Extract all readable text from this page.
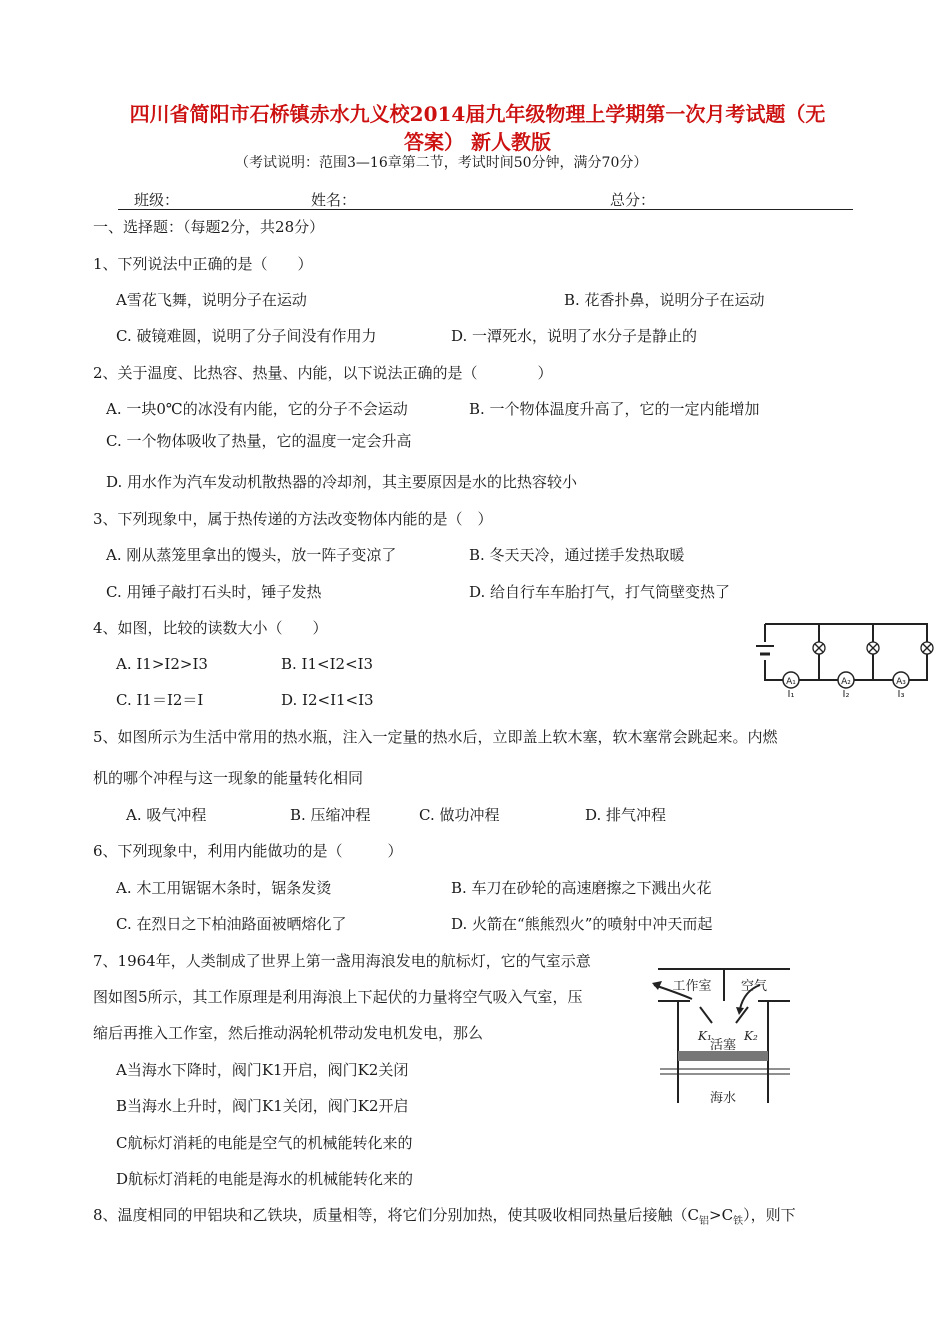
四川省简阳市石桥镇赤水九义校2014届九年级物理上学期第一次月考试题（无
答案） 新人教版
（考试说明：范围3—16章第二节，考试时间50分钟，满分70分）
班级：	姓名：	总分：
一、选择题：（每题2分，共28分）
1、下列说法中正确的是（　　）
A雪花飞舞，说明分子在运动	B. 花香扑鼻，说明分子在运动
C. 破镜难圆，说明了分子间没有作用力	D. 一潭死水，说明了水分子是静止的
2、关于温度、比热容、热量、内能，以下说法正确的是（　　　　）
A. 一块0℃的冰没有内能，它的分子不会运动	B. 一个物体温度升高了，它的一定内能增加
C. 一个物体吸收了热量，它的温度一定会升高
D. 用水作为汽车发动机散热器的冷却剂，其主要原因是水的比热容较小
3、下列现象中，属于热传递的方法改变物体内能的是（　）
A. 刚从蒸笼里拿出的馒头，放一阵子变凉了	B. 冬天天冷，通过搓手发热取暖
C. 用锤子敲打石头时，锤子发热	D. 给自行车车胎打气，打气筒壁变热了
4、如图，比较的读数大小（　　）
A. I1>I2>I3	B. I1<I2<I3
C. I1＝I2＝I	D. I2<I1<I3
A₁	A₂	A₃
I₁	I₂	I₃
5、如图所示为生活中常用的热水瓶，注入一定量的热水后，立即盖上软木塞，软木塞常会跳起来。内燃
机的哪个冲程与这一现象的能量转化相同
A. 吸气冲程	B. 压缩冲程	C. 做功冲程	D. 排气冲程
6、下列现象中，利用内能做功的是（　　　）
A. 木工用锯锯木条时，锯条发烫	B. 车刀在砂轮的高速磨擦之下溅出火花
C. 在烈日之下柏油路面被晒熔化了	D. 火箭在“熊熊烈火”的喷射中冲天而起
7、1964年，人类制成了世界上第一盏用海浪发电的航标灯，它的气室示意
图如图5所示，其工作原理是利用海浪上下起伏的力量将空气吸入气室，压
缩后再推入工作室，然后推动涡轮机带动发电机发电，那么
A当海水下降时，阀门K1开启，阀门K2关闭
B当海水上升时，阀门K1关闭，阀门K2开启
C航标灯消耗的电能是空气的机械能转化来的
D航标灯消耗的电能是海水的机械能转化来的
工作室 空气
K₁	K₂
活塞
海水
8、温度相同的甲铝块和乙铁块，质量相等，将它们分别加热，使其吸收相同热量后接触$(C_铝>C_铁)$，则下
